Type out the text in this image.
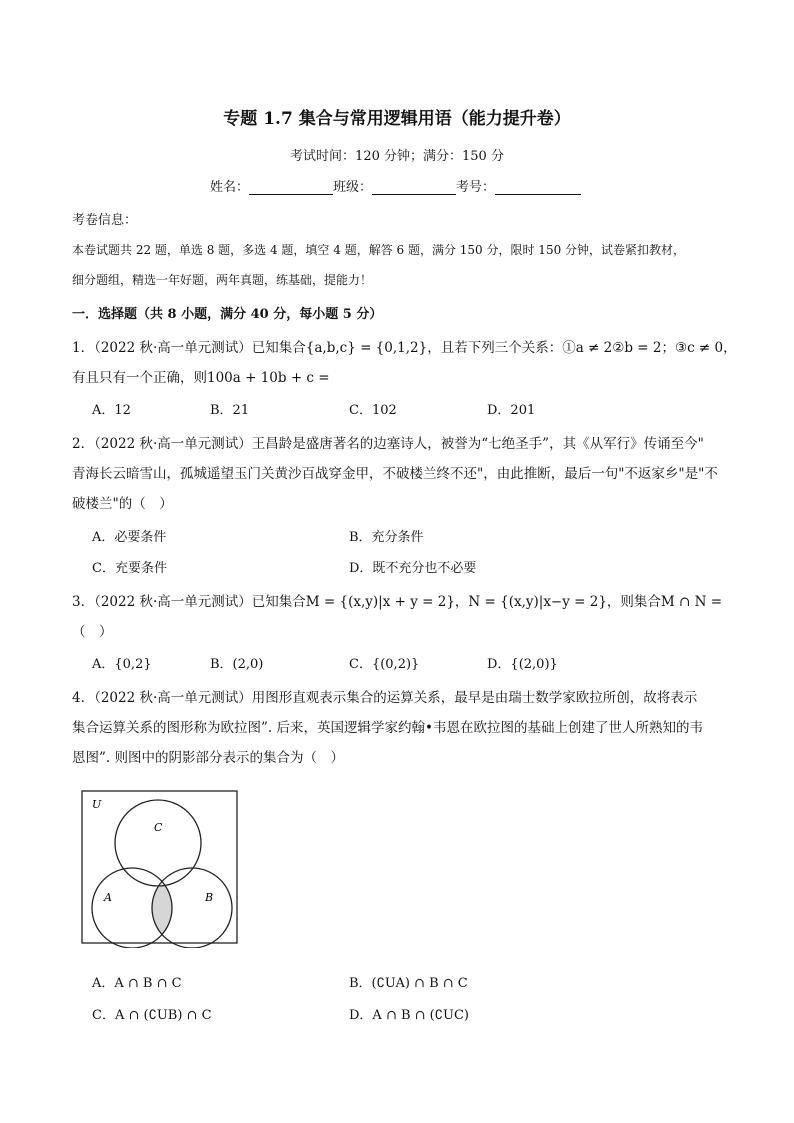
专题 1.7 集合与常用逻辑用语（能力提升卷）
考试时间：120 分钟；满分：150 分
姓名：	班级：	考号：
考卷信息：
本卷试题共 22 题，单选 8 题，多选 4 题，填空 4 题，解答 6 题，满分 150 分，限时 150 分钟，试卷紧扣教材，
细分题组，精选一年好题，两年真题，练基础，提能力！
一．选择题（共 8 小题，满分 40 分，每小题 5 分）
1．（2022 秋·高一单元测试）已知集合{a,b,c} = {0,1,2}，且若下列三个关系：①a ≠ 2②b = 2；③c ≠ 0，
有且只有一个正确，则100a + 10b + c =
A．12	B．21	C．102	D．201
2．（2022 秋·高一单元测试）王昌龄是盛唐著名的边塞诗人，被誉为“七绝圣手”，其《从军行》传诵至今"
青海长云暗雪山，孤城遥望玉门关黄沙百战穿金甲，不破楼兰终不还"，由此推断，最后一句"不返家乡"是"不
破楼兰"的（　）
A．必要条件	B．充分条件
C．充要条件	D．既不充分也不必要
3．（2022 秋·高一单元测试）已知集合M = {(x,y)|x + y = 2}，N = {(x,y)|x−y = 2}，则集合M ∩ N =
（　）
A．{0,2}	B．(2,0)	C．{(0,2)}	D．{(2,0)}
4．（2022 秋·高一单元测试）用图形直观表示集合的运算关系，最早是由瑞士数学家欧拉所创，故将表示
集合运算关系的图形称为欧拉图”. 后来，英国逻辑学家约翰•韦恩在欧拉图的基础上创建了世人所熟知的韦
恩图”. 则图中的阴影部分表示的集合为（　）
U
C
A	B
A．A ∩ B ∩ C	B．(∁UA) ∩ B ∩ C
C．A ∩ (∁UB) ∩ C	D．A ∩ B ∩ (∁UC)
